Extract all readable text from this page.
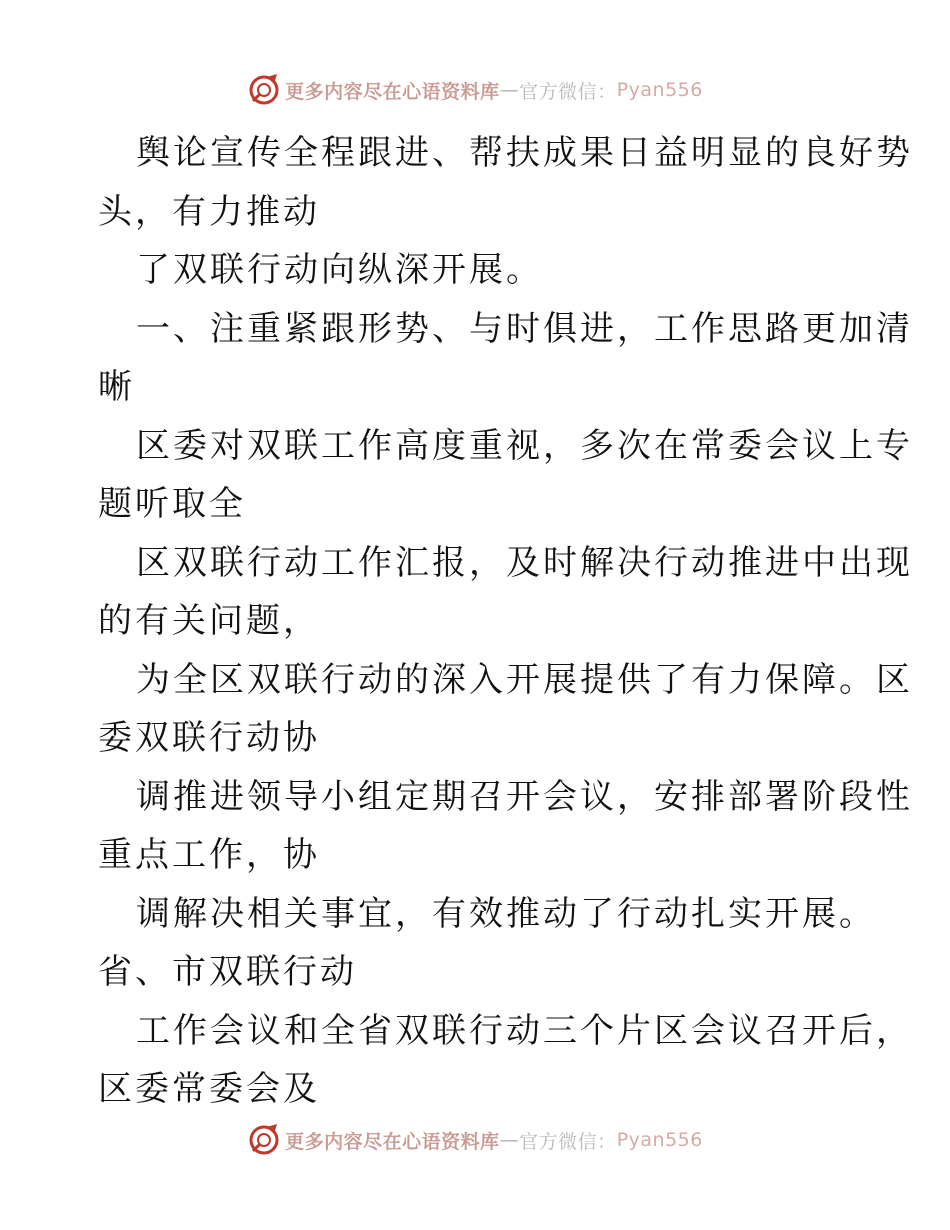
更多内容尽在心语资料库 — 官方微信： Pyan556

舆论宣传全程跟进、帮扶成果日益明显的良好势

头，有力推动

了双联行动向纵深开展。

一、注重紧跟形势、与时俱进，工作思路更加清

晰

区委对双联工作高度重视，多次在常委会议上专

题听取全

区双联行动工作汇报，及时解决行动推进中出现

的有关问题，

为全区双联行动的深入开展提供了有力保障。区

委双联行动协

调推进领导小组定期召开会议，安排部署阶段性

重点工作，协

调解决相关事宜，有效推动了行动扎实开展。

省、市双联行动

工作会议和全省双联行动三个片区会议召开后，

区委常委会及

更多内容尽在心语资料库 — 官方微信： Pyan556
